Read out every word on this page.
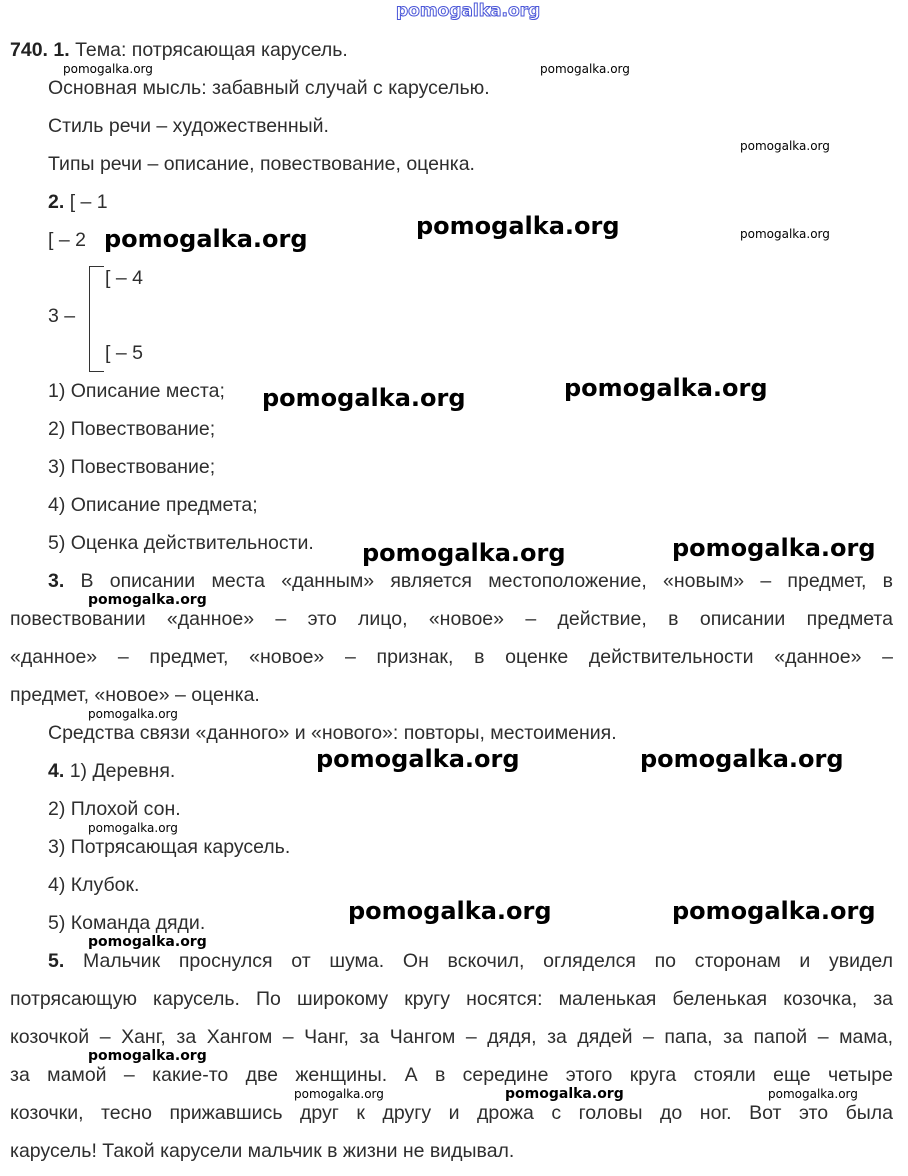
pomogalka.org
740. 1. Тема: потрясающая карусель.
Основная мысль: забавный случай с каруселью.
Стиль речи – художественный.
Типы речи – описание, повествование, оценка.
2. [ – 1
[ – 2
[ – 4
3 –
[ – 5
1) Описание места;
2) Повествование;
3) Повествование;
4) Описание предмета;
5) Оценка действительности.
3. В описании места «данным» является местоположение, «новым» – предмет, в
повествовании «данное» – это лицо, «новое» – действие, в описании предмета
«данное» – предмет, «новое» – признак, в оценке действительности «данное» –
предмет, «новое» – оценка.
Средства связи «данного» и «нового»: повторы, местоимения.
4. 1) Деревня.
2) Плохой сон.
3) Потрясающая карусель.
4) Клубок.
5) Команда дяди.
5. Мальчик проснулся от шума. Он вскочил, огляделся по сторонам и увидел
потрясающую карусель. По широкому кругу носятся: маленькая беленькая козочка, за
козочкой – Ханг, за Хангом – Чанг, за Чангом – дядя, за дядей – папа, за папой – мама,
за мамой – какие-то две женщины. А в середине этого круга стояли еще четыре
козочки, тесно прижавшись друг к другу и дрожа с головы до ног. Вот это была
карусель! Такой карусели мальчик в жизни не видывал.
pomogalka.org	pomogalka.org
pomogalka.org
pomogalka.org
pomogalka.org	pomogalka.org
pomogalka.org	pomogalka.org
pomogalka.org	pomogalka.org
pomogalka.org
pomogalka.org
pomogalka.org	pomogalka.org
pomogalka.org
pomogalka.org	pomogalka.org
pomogalka.org
pomogalka.org
pomogalka.org	pomogalka.org	pomogalka.org
